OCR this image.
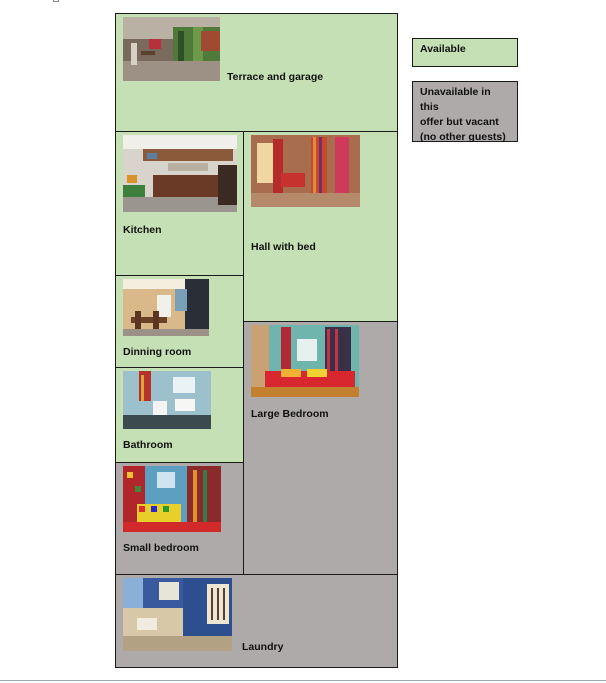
Terrace and garage
Kitchen
Hall with bed
Dinning room
Bathroom
Large Bedroom
Small bedroom
Laundry
Available
Unavailable in this
offer but vacant
(no other guests)
